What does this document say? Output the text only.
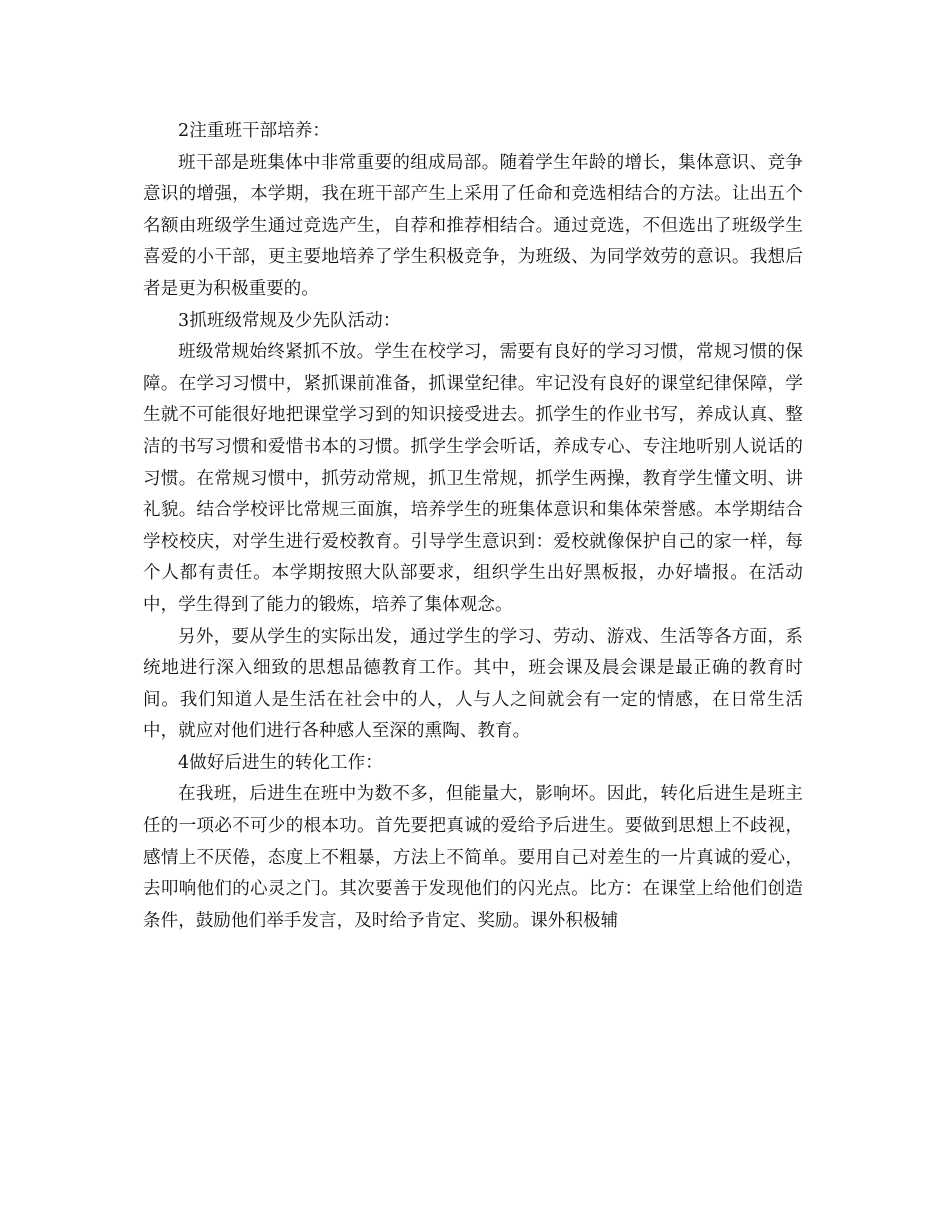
2注重班干部培养：

班干部是班集体中非常重要的组成局部。随着学生年龄的增长，集体意识、竞争意识的增强，本学期，我在班干部产生上采用了任命和竞选相结合的方法。让出五个名额由班级学生通过竞选产生，自荐和推荐相结合。通过竞选，不但选出了班级学生喜爱的小干部，更主要地培养了学生积极竞争，为班级、为同学效劳的意识。我想后者是更为积极重要的。

3抓班级常规及少先队活动：

班级常规始终紧抓不放。学生在校学习，需要有良好的学习习惯，常规习惯的保障。在学习习惯中，紧抓课前准备，抓课堂纪律。牢记没有良好的课堂纪律保障，学生就不可能很好地把课堂学习到的知识接受进去。抓学生的作业书写，养成认真、整洁的书写习惯和爱惜书本的习惯。抓学生学会听话，养成专心、专注地听别人说话的习惯。在常规习惯中，抓劳动常规，抓卫生常规，抓学生两操，教育学生懂文明、讲礼貌。结合学校评比常规三面旗，培养学生的班集体意识和集体荣誉感。本学期结合学校校庆，对学生进行爱校教育。引导学生意识到：爱校就像保护自己的家一样，每个人都有责任。本学期按照大队部要求，组织学生出好黑板报，办好墙报。在活动中，学生得到了能力的锻炼，培养了集体观念。

另外，要从学生的实际出发，通过学生的学习、劳动、游戏、生活等各方面，系统地进行深入细致的思想品德教育工作。其中，班会课及晨会课是最正确的教育时间。我们知道人是生活在社会中的人，人与人之间就会有一定的情感，在日常生活中，就应对他们进行各种感人至深的熏陶、教育。

4做好后进生的转化工作：

在我班，后进生在班中为数不多，但能量大，影响坏。因此，转化后进生是班主任的一项必不可少的根本功。首先要把真诚的爱给予后进生。要做到思想上不歧视，感情上不厌倦，态度上不粗暴，方法上不简单。要用自己对差生的一片真诚的爱心，去叩响他们的心灵之门。其次要善于发现他们的闪光点。比方：在课堂上给他们创造条件，鼓励他们举手发言，及时给予肯定、奖励。课外积极辅
